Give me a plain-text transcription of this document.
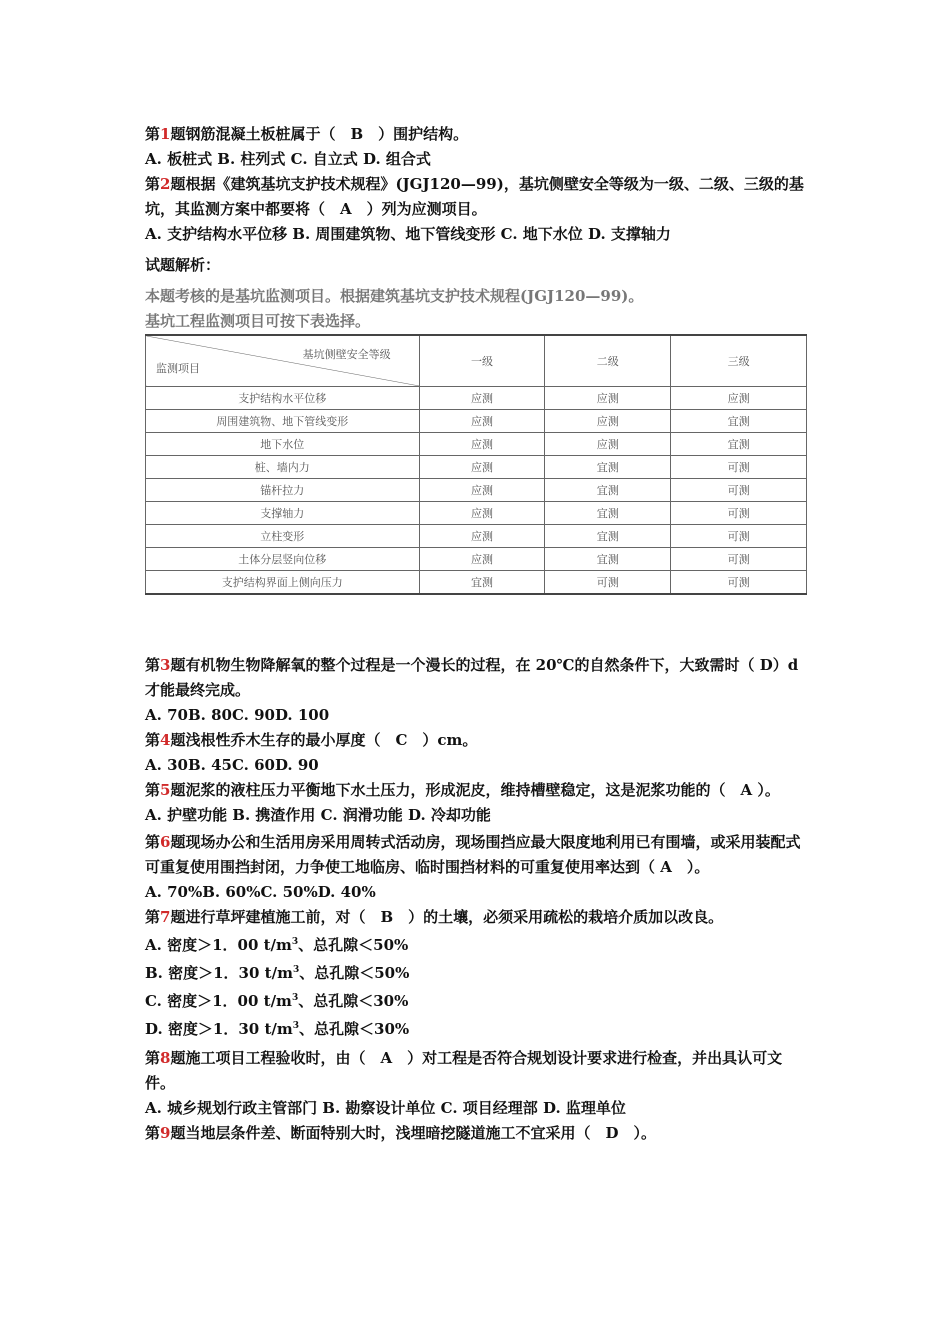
第1题钢筋混凝土板桩属于（　B　）围护结构。
A. 板桩式 B. 柱列式 C. 自立式 D. 组合式
第2题根据《建筑基坑支护技术规程》(JGJ120—99)，基坑侧壁安全等级为一级、二级、三级的基坑，其监测方案中都要将（　A　）列为应测项目。
A. 支护结构水平位移 B. 周围建筑物、地下管线变形 C. 地下水位 D. 支撑轴力
试题解析：
本题考核的是基坑监测项目。根据建筑基坑支护技术规程(JGJ120—99)。
基坑工程监测项目可按下表选择。
基坑侧壁安全等级
监测项目	一级	二级	三级
支护结构水平位移	应测	应测	应测
周围建筑物、地下管线变形	应测	应测	宜测
地下水位	应测	应测	宜测
桩、墙内力	应测	宜测	可测
锚杆拉力	应测	宜测	可测
支撑轴力	应测	宜测	可测
立柱变形	应测	宜测	可测
土体分层竖向位移	应测	宜测	可测
支护结构界面上侧向压力	宜测	可测	可测
第3题有机物生物降解氧的整个过程是一个漫长的过程，在 20℃的自然条件下，大致需时（ D）d 才能最终完成。
A. 70B. 80C. 90D. 100
第4题浅根性乔木生存的最小厚度（　C　）cm。
A. 30B. 45C. 60D. 90
第5题泥浆的液柱压力平衡地下水土压力，形成泥皮，维持槽壁稳定，这是泥浆功能的（　A ）。
A. 护壁功能 B. 携渣作用 C. 润滑功能 D. 冷却功能
第6题现场办公和生活用房采用周转式活动房，现场围挡应最大限度地利用已有围墙，或采用装配式可重复使用围挡封闭，力争使工地临房、临时围挡材料的可重复使用率达到（ A　）。
A. 70%B. 60%C. 50%D. 40%
第7题进行草坪建植施工前，对（　B　）的土壤，必须采用疏松的栽培介质加以改良。
A. 密度＞1．00 $t/m^3$、总孔隙＜50%
B. 密度＞1．30 $t/m^3$、总孔隙＜50%
C. 密度＞1．00 $t/m^3$、总孔隙＜30%
D. 密度＞1．30 $t/m^3$、总孔隙＜30%
第8题施工项目工程验收时，由（　A　）对工程是否符合规划设计要求进行检查，并出具认可文件。
A. 城乡规划行政主管部门 B. 勘察设计单位 C. 项目经理部 D. 监理单位
第9题当地层条件差、断面特别大时，浅埋暗挖隧道施工不宜采用（　D　）。
